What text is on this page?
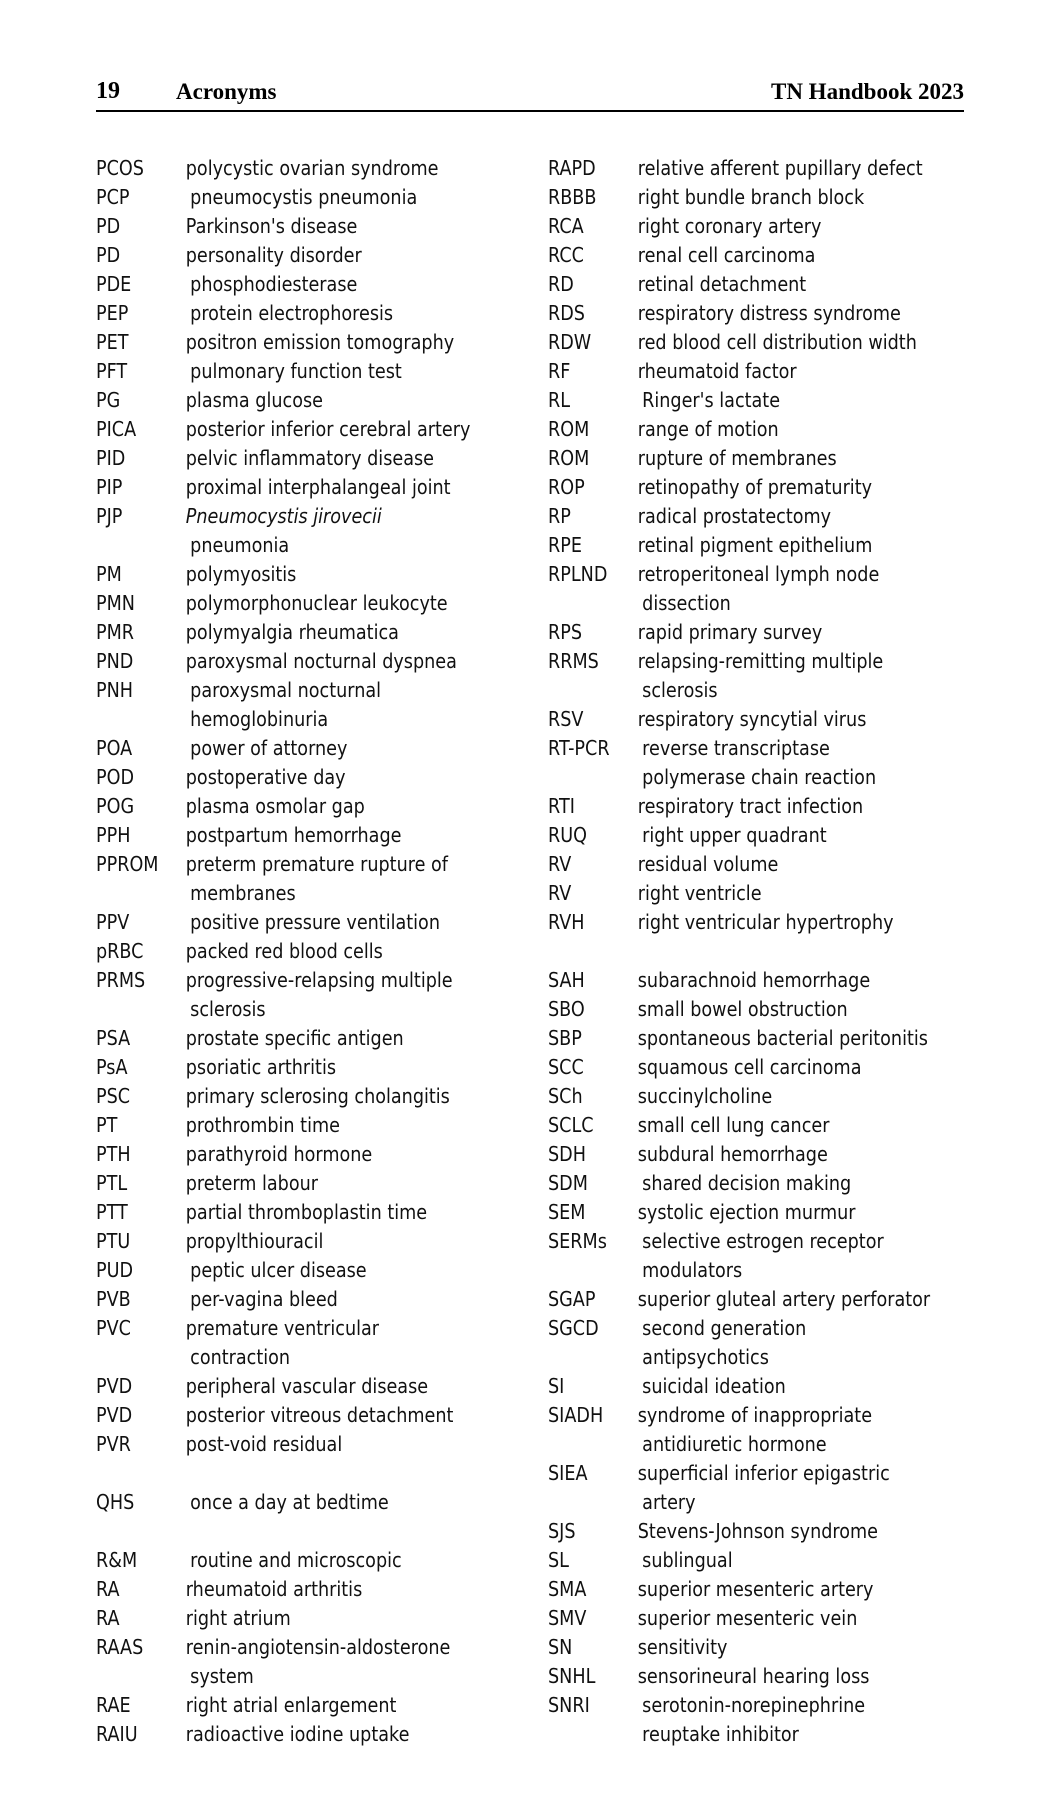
19 Acronyms	TN Handbook 2023
PCOS	polycystic ovarian syndrome
PCP	pneumocystis pneumonia
PD	Parkinson's disease
PD	personality disorder
PDE	phosphodiesterase
PEP	protein electrophoresis
PET	positron emission tomography
PFT	pulmonary function test
PG	plasma glucose
PICA	posterior inferior cerebral artery
PID	pelvic inflammatory disease
PIP	proximal interphalangeal joint
PJP	Pneumocystis jirovecii
pneumonia
PM	polymyositis
PMN	polymorphonuclear leukocyte
PMR	polymyalgia rheumatica
PND	paroxysmal nocturnal dyspnea
PNH	paroxysmal nocturnal
hemoglobinuria
POA	power of attorney
POD	postoperative day
POG	plasma osmolar gap
PPH	postpartum hemorrhage
PPROM	preterm premature rupture of
membranes
PPV	positive pressure ventilation
pRBC	packed red blood cells
PRMS	progressive-relapsing multiple
sclerosis
PSA	prostate specific antigen
PsA	psoriatic arthritis
PSC	primary sclerosing cholangitis
PT	prothrombin time
PTH	parathyroid hormone
PTL	preterm labour
PTT	partial thromboplastin time
PTU	propylthiouracil
PUD	peptic ulcer disease
PVB	per-vagina bleed
PVC	premature ventricular
contraction
PVD	peripheral vascular disease
PVD	posterior vitreous detachment
PVR	post-void residual
QHS	once a day at bedtime
R&M	routine and microscopic
RA	rheumatoid arthritis
RA	right atrium
RAAS	renin-angiotensin-aldosterone
system
RAE	right atrial enlargement
RAIU	radioactive iodine uptake
RAPD	relative afferent pupillary defect
RBBB	right bundle branch block
RCA	right coronary artery
RCC	renal cell carcinoma
RD	retinal detachment
RDS	respiratory distress syndrome
RDW	red blood cell distribution width
RF	rheumatoid factor
RL	Ringer's lactate
ROM	range of motion
ROM	rupture of membranes
ROP	retinopathy of prematurity
RP	radical prostatectomy
RPE	retinal pigment epithelium
RPLND	retroperitoneal lymph node
dissection
RPS	rapid primary survey
RRMS	relapsing-remitting multiple
sclerosis
RSV	respiratory syncytial virus
RT-PCR	reverse transcriptase
polymerase chain reaction
RTI	respiratory tract infection
RUQ	right upper quadrant
RV	residual volume
RV	right ventricle
RVH	right ventricular hypertrophy
SAH	subarachnoid hemorrhage
SBO	small bowel obstruction
SBP	spontaneous bacterial peritonitis
SCC	squamous cell carcinoma
SCh	succinylcholine
SCLC	small cell lung cancer
SDH	subdural hemorrhage
SDM	shared decision making
SEM	systolic ejection murmur
SERMs	selective estrogen receptor
modulators
SGAP	superior gluteal artery perforator
SGCD	second generation
antipsychotics
SI	suicidal ideation
SIADH	syndrome of inappropriate
antidiuretic hormone
SIEA	superficial inferior epigastric
artery
SJS	Stevens-Johnson syndrome
SL	sublingual
SMA	superior mesenteric artery
SMV	superior mesenteric vein
SN	sensitivity
SNHL	sensorineural hearing loss
SNRI	serotonin-norepinephrine
reuptake inhibitor
